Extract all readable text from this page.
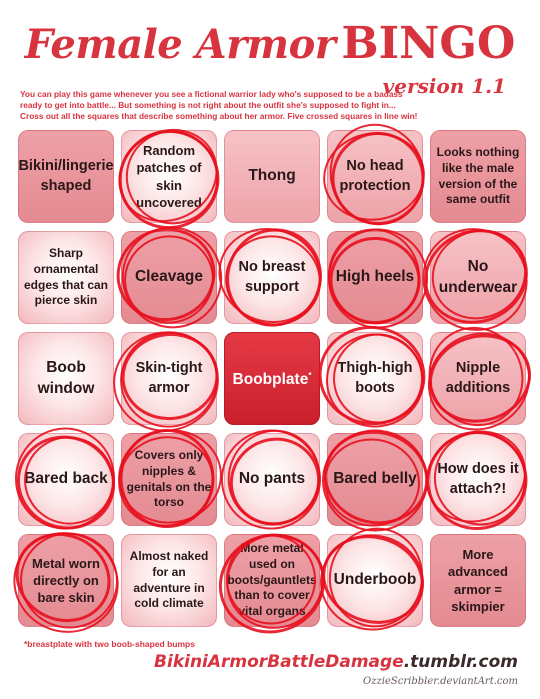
Female Armor BINGO
version 1.1
You can play this game whenever you see a fictional warrior lady who's supposed to be a badass
ready to get into battle... But something is not right about the outfit she's supposed to fight in...
Cross out all the squares that describe something about her armor. Five crossed squares in line win!
Bikini/lingerie shaped
Random patches of skin uncovered
Thong
No head protection
Looks nothing like the male version of the same outfit
Sharp ornamental edges that can pierce skin
Cleavage
No breast support
High heels
No underwear
Boob window
Skin-tight armor	Boobplate*	Thigh-high boots
Nipple additions
Bared back
Covers only nipples & genitals on the torso
No pants Bared belly
How does it attach?!
Metal worn directly on bare skin
Almost naked for an adventure in cold climate
More metal used on boots/gauntlets than to cover vital organs
Underboob
More advanced armor = skimpier
*breastplate with two boob-shaped bumps
BikiniArmorBattleDamage.tumblr.com
OzzieScribbler.deviantArt.com
